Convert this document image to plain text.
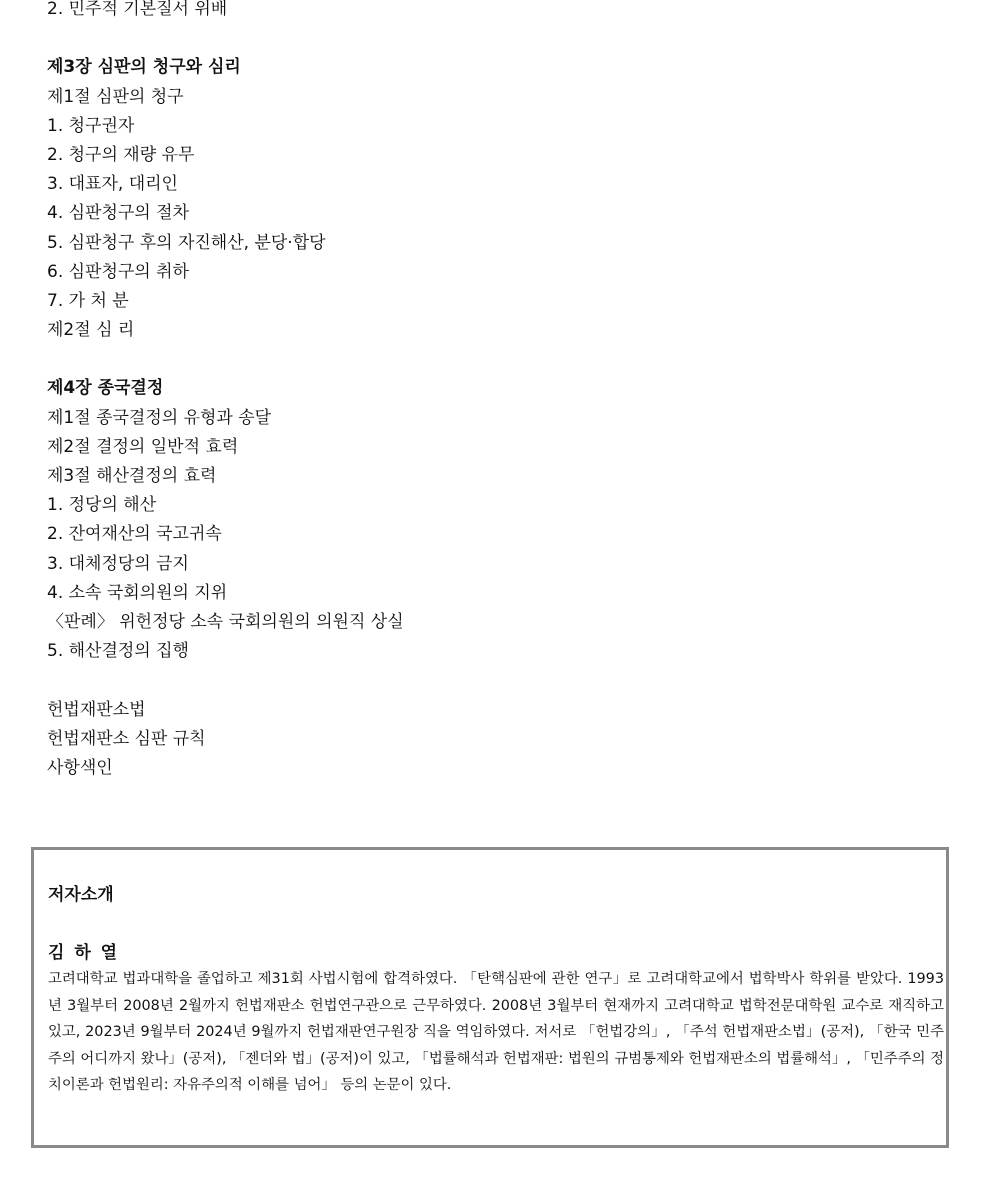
2. 민주적 기본질서 위배
제3장 심판의 청구와 심리
제1절 심판의 청구
1. 청구권자
2. 청구의 재량 유무
3. 대표자, 대리인
4. 심판청구의 절차
5. 심판청구 후의 자진해산, 분당·합당
6. 심판청구의 취하
7. 가 처 분
제2절 심 리
제4장 종국결정
제1절 종국결정의 유형과 송달
제2절 결정의 일반적 효력
제3절 해산결정의 효력
1. 정당의 해산
2. 잔여재산의 국고귀속
3. 대체정당의 금지
4. 소속 국회의원의 지위
〈판례〉 위헌정당 소속 국회의원의 의원직 상실
5. 해산결정의 집행
헌법재판소법
헌법재판소 심판 규칙
사항색인
저자소개
김 하 열
고려대학교 법과대학을 졸업하고 제31회 사법시험에 합격하였다. 「탄핵심판에 관한 연구」로 고려대학교에서 법학박사 학위를 받았다. 1993년 3월부터 2008년 2월까지 헌법재판소 헌법연구관으로 근무하였다. 2008년 3월부터 현재까지 고려대학교 법학전문대학원 교수로 재직하고 있고, 2023년 9월부터 2024년 9월까지 헌법재판연구원장 직을 역임하였다. 저서로 「헌법강의」, 「주석 헌법재판소법」(공저), 「한국 민주주의 어디까지 왔나」(공저), 「젠더와 법」(공저)이 있고, 「법률해석과 헌법재판: 법원의 규범통제와 헌법재판소의 법률해석」, 「민주주의 정치이론과 헌법원리: 자유주의적 이해를 넘어」 등의 논문이 있다.
